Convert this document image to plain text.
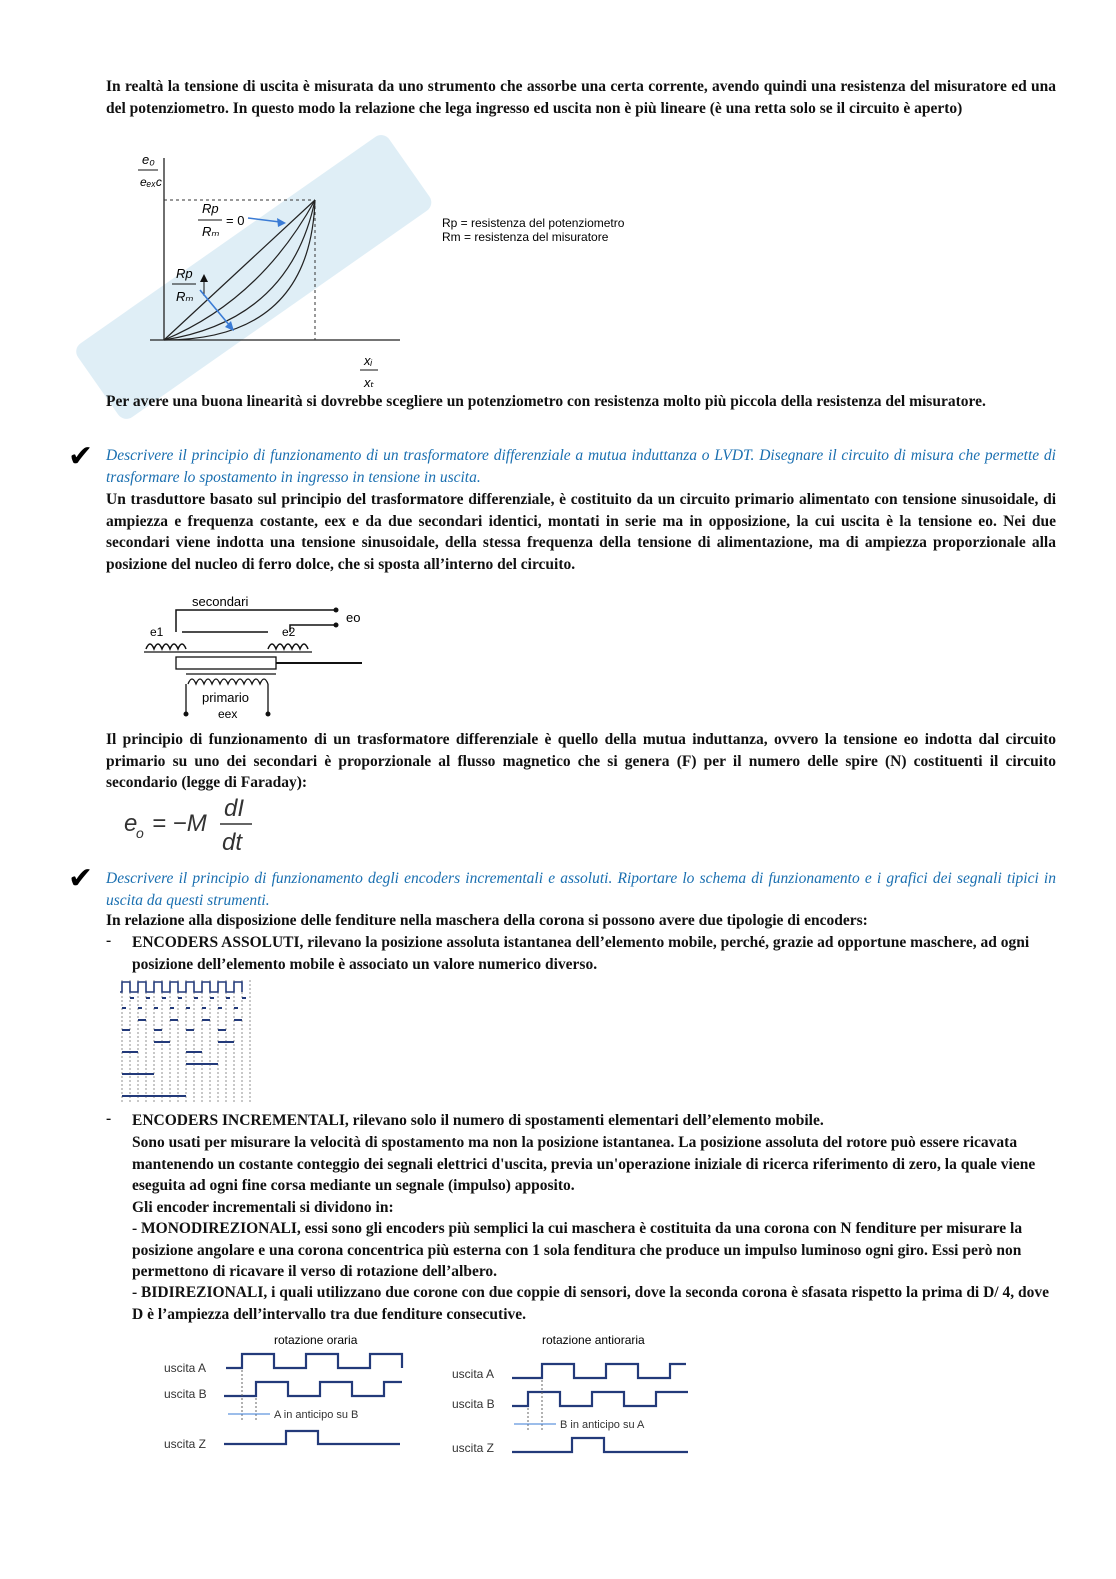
In realtà la tensione di uscita è misurata da uno strumento che assorbe una certa corrente, avendo quindi una resistenza del misuratore ed una del potenziometro. In questo modo la relazione che lega ingresso ed uscita non è più lineare (è una retta solo se il circuito è aperto)
e₀
eₑₓc
Rp
Rₘ
= 0
Rp
Rₘ
xᵢ
xₜ
Rp = resistenza del potenziometro
Rm = resistenza del misuratore
Per avere una buona linearità si dovrebbe scegliere un potenziometro con resistenza molto più piccola della resistenza del misuratore.
✔ Descrivere il principio di funzionamento di un trasformatore differenziale a mutua induttanza o LVDT. Disegnare il circuito di misura che permette di trasformare lo spostamento in ingresso in tensione in uscita.
Un trasduttore basato sul principio del trasformatore differenziale, è costituito da un circuito primario alimentato con tensione sinusoidale, di ampiezza e frequenza costante, eex e da due secondari identici, montati in serie ma in opposizione, la cui uscita è la tensione eo. Nei due secondari viene indotta una tensione sinusoidale, della stessa frequenza della tensione di alimentazione, ma di ampiezza proporzionale alla posizione del nucleo di ferro dolce, che si sposta all’interno del circuito.
secondari
eo
e1	e2
primario
eex
Il principio di funzionamento di un trasformatore differenziale è quello della mutua induttanza, ovvero la tensione eo indotta dal circuito primario su uno dei secondari è proporzionale al flusso magnetico che si genera (F) per il numero delle spire (N) costituenti il circuito secondario (legge di Faraday):
e
o = −M
dI
dt
✔ Descrivere il principio di funzionamento degli encoders incrementali e assoluti. Riportare lo schema di funzionamento e i grafici dei segnali tipici in uscita da questi strumenti.
In relazione alla disposizione delle fenditure nella maschera della corona si possono avere due tipologie di encoders:
- ENCODERS ASSOLUTI, rilevano la posizione assoluta istantanea dell’elemento mobile, perché, grazie ad opportune maschere, ad ogni posizione dell’elemento mobile è associato un valore numerico diverso.
- ENCODERS INCREMENTALI, rilevano solo il numero di spostamenti elementari dell’elemento mobile.
Sono usati per misurare la velocità di spostamento ma non la posizione istantanea. La posizione assoluta del rotore può essere ricavata mantenendo un costante conteggio dei segnali elettrici d'uscita, previa un'operazione iniziale di ricerca riferimento di zero, la quale viene eseguita ad ogni fine corsa mediante un segnale (impulso) apposito.
Gli encoder incrementali si dividono in:
- MONODIREZIONALI, essi sono gli encoders più semplici la cui maschera è costituita da una corona con N fenditure per misurare la posizione angolare e una corona concentrica più esterna con 1 sola fenditura che produce un impulso luminoso ogni giro. Essi però non permettono di ricavare il verso di rotazione dell’albero.
- BIDIREZIONALI, i quali utilizzano due corone con due coppie di sensori, dove la seconda corona è sfasata rispetto la prima di D/ 4, dove D è l’ampiezza dell’intervallo tra due fenditure consecutive.
rotazione oraria
uscita A
uscita B
uscita Z
A in anticipo su B
rotazione antioraria
uscita A
uscita B
uscita Z
B in anticipo su A
